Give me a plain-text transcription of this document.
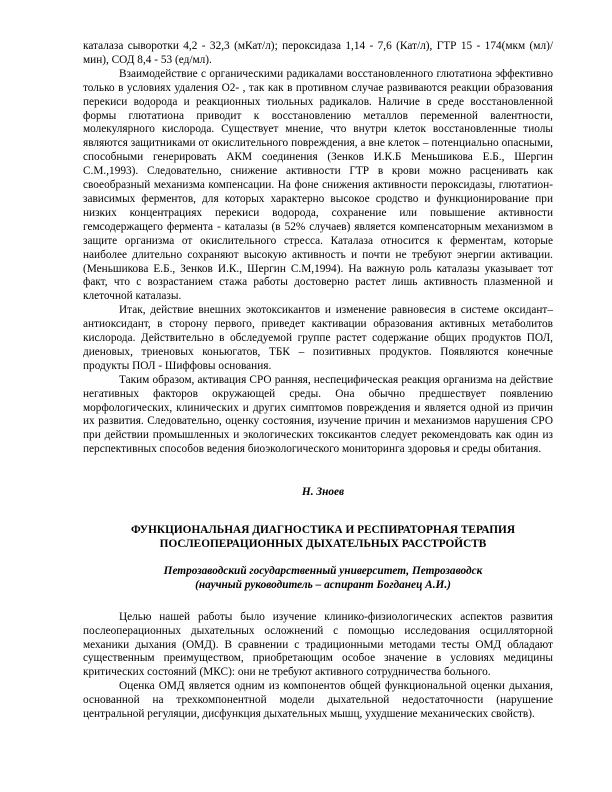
каталаза сыворотки 4,2 - 32,3 (мКат/л); пероксидаза 1,14 - 7,6 (Кат/л), ГТР 15 - 174(мкм (мл)/мин), СОД 8,4 - 53 (ед/мл).

Взаимодействие с органическими радикалами восстановленного глютатиона эффективно только в условиях удаления О2- , так как в противном случае развиваются реакции образования перекиси водорода и реакционных тиольных радикалов. Наличие в среде восстановленной формы глютатиона приводит к восстановлению металлов переменной валентности, молекулярного кислорода. Существует мнение, что внутри клеток восстановленные тиолы являются защитниками от окислительного повреждения, а вне клеток – потенциально опасными, способными генерировать АКМ соединения (Зенков И.К.Б Меньшикова Е.Б., Шергин С.М.,1993). Следовательно, снижение активности ГТР в крови можно расценивать как своеобразный механизма компенсации. На фоне снижения активности пероксидазы, глютатион-зависимых ферментов, для которых характерно высокое сродство и функционирование при низких концентрациях перекиси водорода, сохранение или повышение активности гемсодержащего фермента - каталазы (в 52% случаев) является компенсаторным механизмом в защите организма от окислительного стресса. Каталаза относится к ферментам, которые наиболее длительно сохраняют высокую активность и почти не требуют энергии активации. (Меньшикова Е.Б., Зенков И.К., Шергин С.М,1994). На важную роль каталазы указывает тот факт, что с возрастанием стажа работы достоверно растет лишь активность плазменной и клеточной каталазы.

Итак, действие внешних экотоксикантов и изменение равновесия в системе оксидант–антиоксидант, в сторону первого, приведет кактивации образования активных метаболитов кислорода. Действительно в обследуемой группе растет содержание общих продуктов ПОЛ, диеновых, триеновых коньюгатов, ТБК – позитивных продуктов. Появляются конечные продукты ПОЛ - Шиффовы основания.

Таким образом, активация СРО ранняя, неспецифическая реакция организма на действие негативных факторов окружающей среды. Она обычно предшествует появлению морфологических, клинических и других симптомов повреждения и является одной из причин их развития. Следовательно, оценку состояния, изучение причин и механизмов нарушения СРО при действии промышленных и экологических токсикантов следует рекомендовать как один из перспективных способов ведения биоэкологического мониторинга здоровья и среды обитания.

Н. Зноев
ФУНКЦИОНАЛЬНАЯ ДИАГНОСТИКА И РЕСПИРАТОРНАЯ ТЕРАПИЯ
ПОСЛЕОПЕРАЦИОННЫХ ДЫХАТЕЛЬНЫХ РАССТРОЙСТВ
Петрозаводский государственный университет, Петрозаводск
(научный руководитель – аспирант Богданец А.И.)

Целью нашей работы было изучение клинико-физиологических аспектов развития послеоперационных дыхательных осложнений с помощью исследования осцилляторной механики дыхания (ОМД). В сравнении с традиционными методами тесты ОМД обладают существенным преимуществом, приобретающим особое значение в условиях медицины критических состояний (МКС): они не требуют активного сотрудничества больного.

Оценка ОМД является одним из компонентов общей функциональной оценки дыхания, основанной на трехкомпонентной модели дыхательной недостаточности (нарушение центральной регуляции, дисфункция дыхательных мышц, ухудшение механических свойств).
